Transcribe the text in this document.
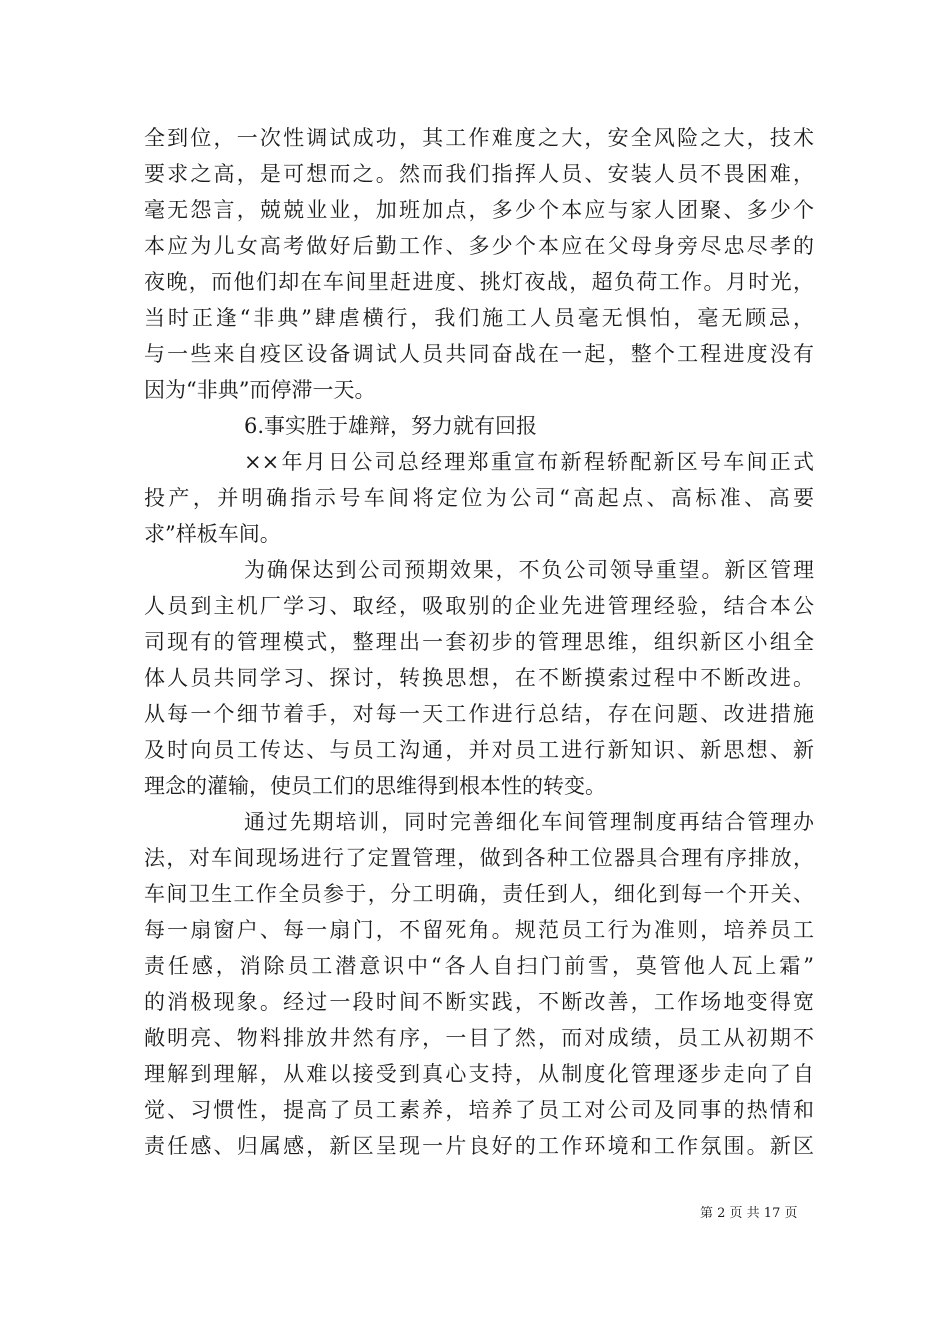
全到位，一次性调试成功，其工作难度之大，安全风险之大，技术
要求之高，是可想而之。然而我们指挥人员、安装人员不畏困难，
毫无怨言，兢兢业业，加班加点，多少个本应与家人团聚、多少个
本应为儿女高考做好后勤工作、多少个本应在父母身旁尽忠尽孝的
夜晚，而他们却在车间里赶进度、挑灯夜战，超负荷工作。月时光，
当时正逢“非典”肆虐横行，我们施工人员毫无惧怕，毫无顾忌，
与一些来自疫区设备调试人员共同奋战在一起，整个工程进度没有
因为“非典”而停滞一天。
6.事实胜于雄辩，努力就有回报
××年月日公司总经理郑重宣布新程轿配新区号车间正式
投产，并明确指示号车间将定位为公司“高起点、高标准、高要
求”样板车间。
为确保达到公司预期效果，不负公司领导重望。新区管理
人员到主机厂学习、取经，吸取别的企业先进管理经验，结合本公
司现有的管理模式，整理出一套初步的管理思维，组织新区小组全
体人员共同学习、探讨，转换思想，在不断摸索过程中不断改进。
从每一个细节着手，对每一天工作进行总结，存在问题、改进措施
及时向员工传达、与员工沟通，并对员工进行新知识、新思想、新
理念的灌输，使员工们的思维得到根本性的转变。
通过先期培训，同时完善细化车间管理制度再结合管理办
法，对车间现场进行了定置管理，做到各种工位器具合理有序排放，
车间卫生工作全员参于，分工明确，责任到人，细化到每一个开关、
每一扇窗户、每一扇门，不留死角。规范员工行为准则，培养员工
责任感，消除员工潜意识中“各人自扫门前雪，莫管他人瓦上霜”
的消极现象。经过一段时间不断实践，不断改善，工作场地变得宽
敞明亮、物料排放井然有序，一目了然，而对成绩，员工从初期不
理解到理解，从难以接受到真心支持，从制度化管理逐步走向了自
觉、习惯性，提高了员工素养，培养了员工对公司及同事的热情和
责任感、归属感，新区呈现一片良好的工作环境和工作氛围。新区
第 2 页 共 17 页
